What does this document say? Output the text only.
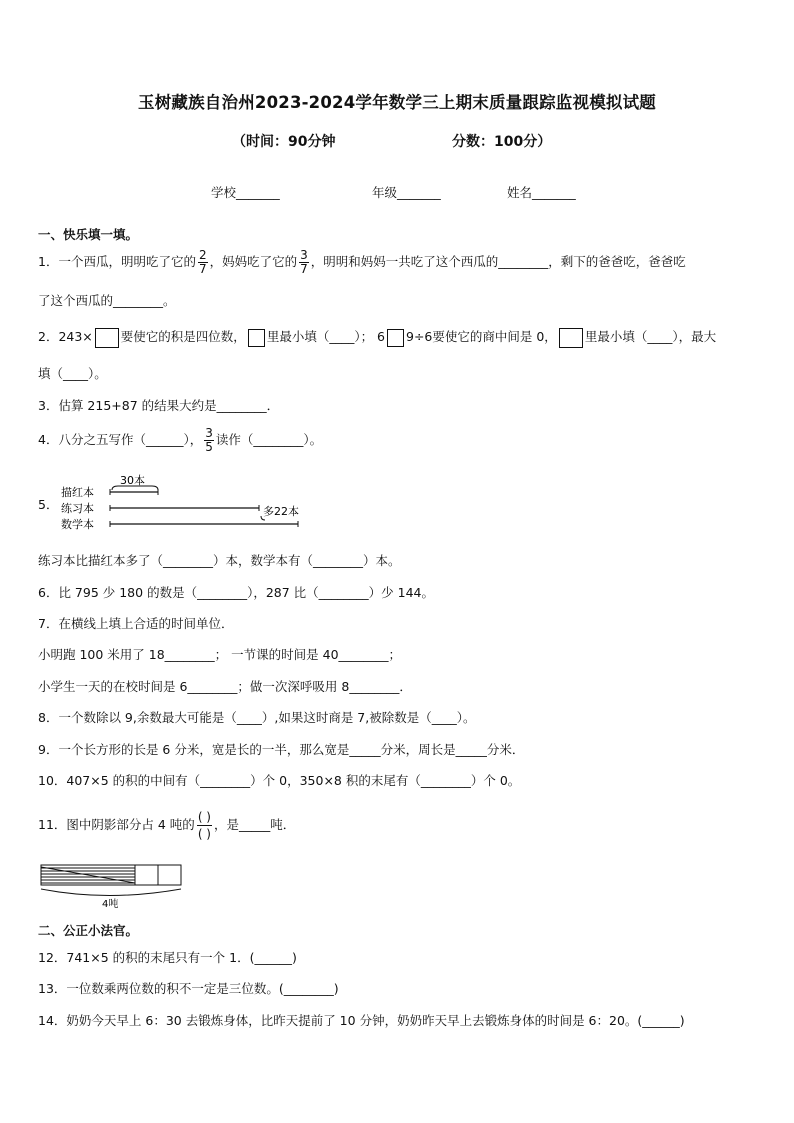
玉树藏族自治州2023-2024学年数学三上期末质量跟踪监视模拟试题
（时间：90分钟	分数：100分）
学校_______	年级_______	姓名_______
一、快乐填一填。
1．一个西瓜，明明吃了它的 $\frac{2}{7}$ ，妈妈吃了它的 $\frac{3}{7}$ ，明明和妈妈一共吃了这个西瓜的________，剩下的爸爸吃，爸爸吃
了这个西瓜的________。
2．243× 要使它的积是四位数， 里最小填（____）； 6 9÷6要使它的商中间是 0， 里最小填（____），最大
填（____）。
3．估算 215+87 的结果大约是________．
4．八分之五写作（______）， $\frac{3}{5}$ 读作（________）。
5．
描红本
练习本
数学本
30本
多22本
练习本比描红本多了（________）本，数学本有（________）本。
6．比 795 少 180 的数是（________），287 比（________）少 144。
7．在横线上填上合适的时间单位．
小明跑 100 米用了 18________； 一节课的时间是 40________；
小学生一天的在校时间是 6________；做一次深呼吸用 8________．
8．一个数除以 9,余数最大可能是（____）,如果这时商是 7,被除数是（____）。
9．一个长方形的长是 6 分米，宽是长的一半，那么宽是_____分米，周长是_____分米．
10．407×5 的积的中间有（________）个 0，350×8 积的末尾有（________）个 0。
11．图中阴影部分占 4 吨的 $\frac{( )}{( )}$ ，是_____吨．
4吨
二、公正小法官。
12．741×5 的积的末尾只有一个 1．(______)
13．一位数乘两位数的积不一定是三位数。(________)
14．奶奶今天早上 6：30 去锻炼身体，比昨天提前了 10 分钟，奶奶昨天早上去锻炼身体的时间是 6：20。(______)
